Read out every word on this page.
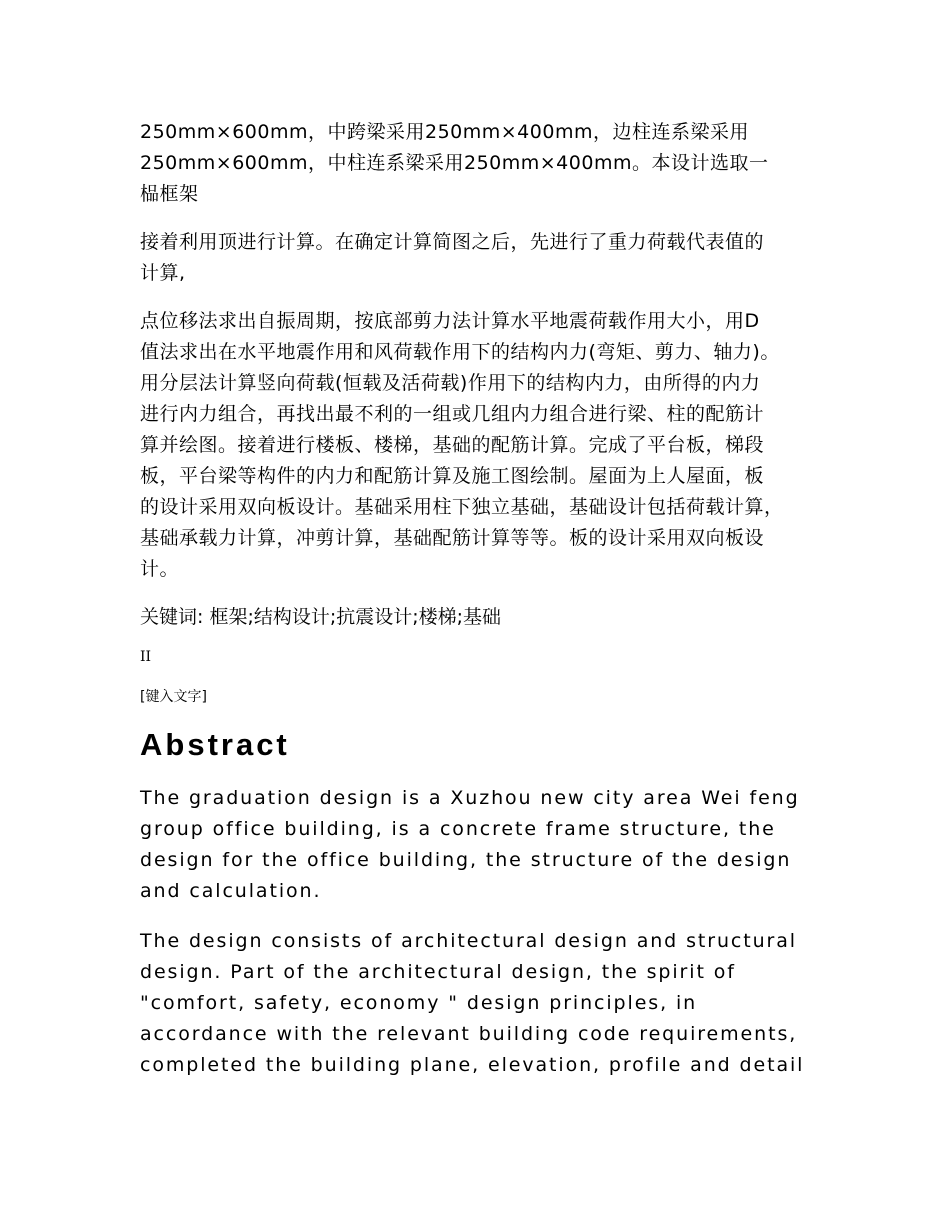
250mm×600mm，中跨梁采用250mm×400mm，边柱连系梁采用
250mm×600mm，中柱连系梁采用250mm×400mm。本设计选取一
榀框架
接着利用顶进行计算。在确定计算简图之后，先进行了重力荷载代表值的
计算,
点位移法求出自振周期，按底部剪力法计算水平地震荷载作用大小，用D
值法求出在水平地震作用和风荷载作用下的结构内力(弯矩、剪力、轴力)。
用分层法计算竖向荷载(恒载及活荷载)作用下的结构内力，由所得的内力
进行内力组合，再找出最不利的一组或几组内力组合进行梁、柱的配筋计
算并绘图。接着进行楼板、楼梯，基础的配筋计算。完成了平台板，梯段
板，平台梁等构件的内力和配筋计算及施工图绘制。屋面为上人屋面，板
的设计采用双向板设计。基础采用柱下独立基础，基础设计包括荷载计算，
基础承载力计算，冲剪计算，基础配筋计算等等。板的设计采用双向板设
计。
关键词: 框架;结构设计;抗震设计;楼梯;基础
II
[键入文字]
Abstract
The graduation design is a Xuzhou new city area Wei feng
group office building, is a concrete frame structure, the
design for the office building, the structure of the design
and calculation.
The design consists of architectural design and structural
design. Part of the architectural design, the spirit of
"comfort, safety, economy " design principles, in
accordance with the relevant building code requirements,
completed the building plane, elevation, profile and detail
